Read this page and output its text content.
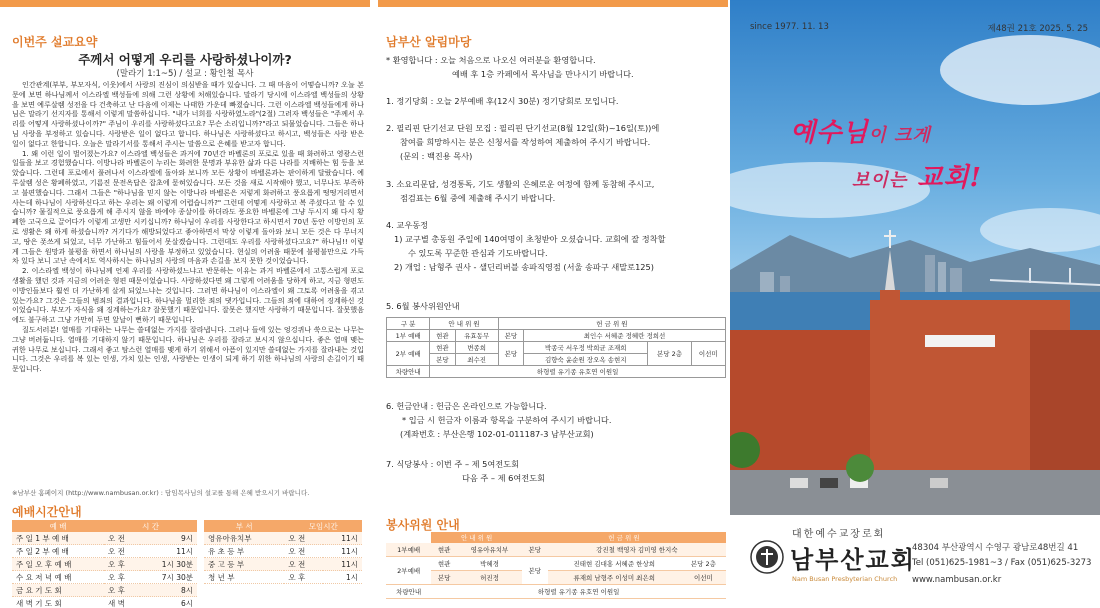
이번주 설교요약
주께서 어떻게 우리를 사랑하셨나이까?
(말라기 1:1~5) / 설교 : 황인철 목사

인간관계(부부, 부모자식, 이웃)에서 사랑의 진심이 의심받을 때가 있습니다. 그 때 마음이 어떻습니까? 오늘 본문에 보면 하나님께서 이스라엘 백성들에 의해 그런 상황에 처해있습니다. 말라기 당시에 이스라엘 백성들의 상황을 보면 예루살렘 성전을 다 건축하고 난 다음에 이제는 나태한 가운데 빠졌습니다. 그런 이스라엘 백성들에게 하나님은 말라기 선지자를 통해서 이렇게 말씀하십니다. "내가 너희를 사랑하였노라"(2절) 그러자 백성들은 "주께서 우리를 어떻게 사랑하셨나이까?" 주님이 우리를 사랑하셨다고요? 무슨 소리입니까?"라고 되물었습니다. 그들은 하나님 사랑을 부정하고 있습니다. 사랑받은 일이 없다고 합니다. 하나님은 사랑하셨다고 하시고, 백성들은 사랑 받은 일이 없다고 한합니다. 오늘은 말라기서를 통해서 주시는 말씀으로 은혜를 받고자 합니다.

1. 왜 이런 일이 벌어졌는가요? 이스라엘 백성들은 과거에 70년간 바벨론의 포로로 있을 때 화려하고 영광스런 일들을 보고 경험했습니다. 이방나라 바벨론이 누리는 화려한 문명과 부유한 삶과 다른 나라를 지배하는 힘 등을 보았습니다. 그런데 포로에서 풀려나서 이스라엘에 돌아와 보니까 모든 상황이 바벨론과는 판이하게 달랐습니다. 예루살렘 성은 황폐하였고, 기름진 문전옥답은 잡초에 묻혀있습니다. 모든 것을 새로 시작해야 했고, 너무나도 부족하고 불편했습니다. 그래서 그들은 "하나님을 믿지 않는 이방나라 바벨론은 저렇게 화려하고 풍요롭게 떵떵거리면서 사는데 하나님이 사랑하신다고 하는 우리는 왜 이렇게 어렵습니까?" 그런데 어떻게 사랑하고 복 주셨다고 할 수 있습니까? 물질적으로 풍요롭게 해 주시지 않을 바에야 종살이를 하더라도 풍요한 바벨론에 그냥 두시지 왜 다시 황폐한 고국으로 끌어다가 이렇게 고생만 시키십니까? 하나님이 우리를 사랑한다고 하시면서 70년 동안 이방인의 포로 생활은 왜 하게 하셨습니까? 거기다가 해방되었다고 좋아하면서 막상 이렇게 돌아와 보니 모든 것은 다 무너지고, 땅은 폿쓰게 되었고, 너무 가난하고 힘들어서 못살겠습니다. 그런데도 우리를 사랑하셨다고요?" 하나님!! 이렇게 그들은 원망과 불평을 하면서 하나님의 사랑을 부정하고 있었습니다. 현실의 어려움 때문에 불평불만으로 가득 차 있다 보니 고난 속에서도 역사하시는 하나님의 사랑의 마음과 손길을 보지 못한 것이었습니다.

2. 이스라엘 백성이 하나님께 언제 우리를 사랑하셨느냐고 반문하는 이유는 과거 바벨론에서 고통스럽게 포로 생활을 했던 것과 지금의 어려운 형편 때문이었습니다. 사랑하셨다면 왜 그렇게 어려움을 당하게 하고, 지금 형편도 이방인들보다 훨씬 더 가난하게 살게 되었느냐는 것입니다. 그러면 하나님이 이스라엘이 왜 그토록 어려움을 겪고 있는가요? 그것은 그들의 범죄의 결과입니다. 하나님을 멀리한 죄의 댓가입니다. 그들의 죄에 대하여 징계하신 것이었습니다. 부모가 자식을 왜 징계하는가요? 잘못했기 때문입니다. 잘못은 했지만 사랑하기 때문입니다. 잘못했음에도 불구하고 그냥 가만히 두면 앞날이 뻔하기 때문입니다.

질도서러분! 열매를 기대하는 나무는 쓸데없는 가지를 잘라냅니다. 그러나 들에 있는 엉겅퀴나 쑥으로는 나무는 그냥 버려둡니다. 열매를 기대하지 않기 때문입니다. 하나님은 우리를 잘라고 보시지 않으십니다. 좋은 열매 맺는 귀한 나무로 보십니다. 그래서 좋고 탐스런 열매를 맺게 하기 위해서 아픔이 있지만 쓸데없는 가지를 잘라내는 것입니다. 그것은 우리를 복 있는 인생, 가치 있는 인생, 사랑받는 인생이 되게 하기 위한 하나님의 사랑의 손길이기 때문입니다.

※남부산 홈페이지 (http://www.nambusan.or.kr) : 담임목사님의 설교를 통해 은혜 받으시기 바랍니다.
예배시간안내
예 배	시 간	
주 일 1 부 예 배	오 전	9시
주 일 2 부 예 배	오 전	11시
주 일 오 후 예 배	오 후	1시 30분
수 요 저 녁 예 배	오 후	7시 30분
금 요 기 도 회	오 후	8시
새 벽 기 도 회	새 벽	6시
부 서	모임시간	
영유아유치부	오 전	11시
유 초 등 부	오 전	11시
중 고 등 부	오 전	11시
청 년 부	오 후	1시
남부산 알림마당
* 환영합니다 : 오늘 처음으로 나오신 여러분을 환영합니다.
예배 후 1층 카페에서 목사님을 만나시기 바랍니다.
1. 정기당회 : 오늘 2부예배 후(12시 30분) 정기당회로 모입니다.
2. 필리핀 단기선교 단원 모집 : 필리핀 단기선교(8월 12일(화)~16일(토))에
참여를 희망하시는 분은 신청서를 작성하여 제출하여 주시기 바랍니다.
(문의 : 백진용 목사)
3. 소요리문답, 성경통독, 기도 생활의 은혜로운 여정에 함께 동참해 주시고,
점검표는 6월 중에 제출해 주시기 바랍니다.
4. 교우동정
1) 교구별 총동원 주일에 140여명이 초청받아 오셨습니다. 교회에 잘 정착할
수 있도록 꾸준한 관심과 기도바랍니다.
2) 개업 : 남형주 권사 - 샐딘리버블 송파직영점 (서울 송파구 새말로125)
5. 6월 봉사위원안내
구 분	안 내 위 원		헌 금 위 원			
1부 예배	현관	유효동무	본당	최인수 서혜준 정혜란 정희선		
2부 예배	현관	변종희	본당	박종국 서우정 박희균 조재희	본당 2층	이선미
	본당	최수진		김향숙 윤순원 장오옥 송현지		
차량안내	하형렬 유기종 유호연 이원일					
6. 헌금안내 : 헌금은 온라인으로 가능합니다.
* 입금 시 헌금자 이름과 항목을 구분하여 주시기 바랍니다.
(계좌번호 : 부산은행 102-01-011187-3 남부산교회)
7. 식당봉사 : 이번 주 – 제 5여전도회
다음 주 – 제 6여전도회
봉사위원 안내
	안 내 위 원		헌 금 위 원		
1부예배	현관	영유아유치부	본당	강진철 백영자 김미영 한지숙	
2부예배	현관	박혜경	본당	진태현 김대홍 서혜준 한상희	본당 2층
	본당	허진정		류재희 남형주 이성미 최은희	이선미
차량안내	하형렬 유기종 유호연 이원일				
since 1977. 11. 13	제48권 21호 2025. 5. 25
예수님이 크게
보이는 교회!
대한예수교장로회
남부산교회
Nam Busan Presbyterian Church
48304 부산광역시 수영구 광남로48번길 41
Tel (051)625-1981~3 / Fax (051)625-3273
www.nambusan.or.kr
